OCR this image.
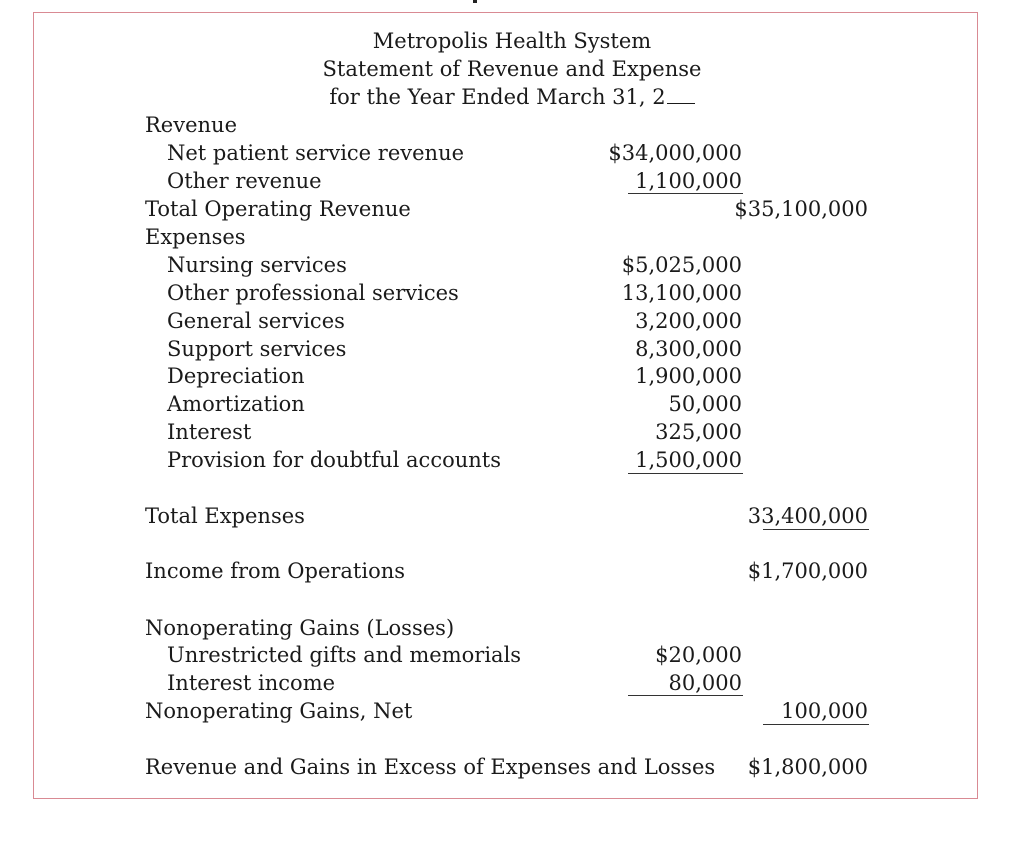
Metropolis Health System
Statement of Revenue and Expense
for the Year Ended March 31, 2
Revenue
Net patient service revenue	$34,000,000
Other revenue	1,100,000
Total Operating Revenue	$35,100,000
Expenses
Nursing services	$5,025,000
Other professional services	13,100,000
General services	3,200,000
Support services	8,300,000
Depreciation	1,900,000
Amortization	50,000
Interest	325,000
Provision for doubtful accounts	1,500,000
Total Expenses	33,400,000
Income from Operations	$1,700,000
Nonoperating Gains (Losses)
Unrestricted gifts and memorials	$20,000
Interest income	80,000
Nonoperating Gains, Net	100,000
Revenue and Gains in Excess of Expenses and Losses $1,800,000
